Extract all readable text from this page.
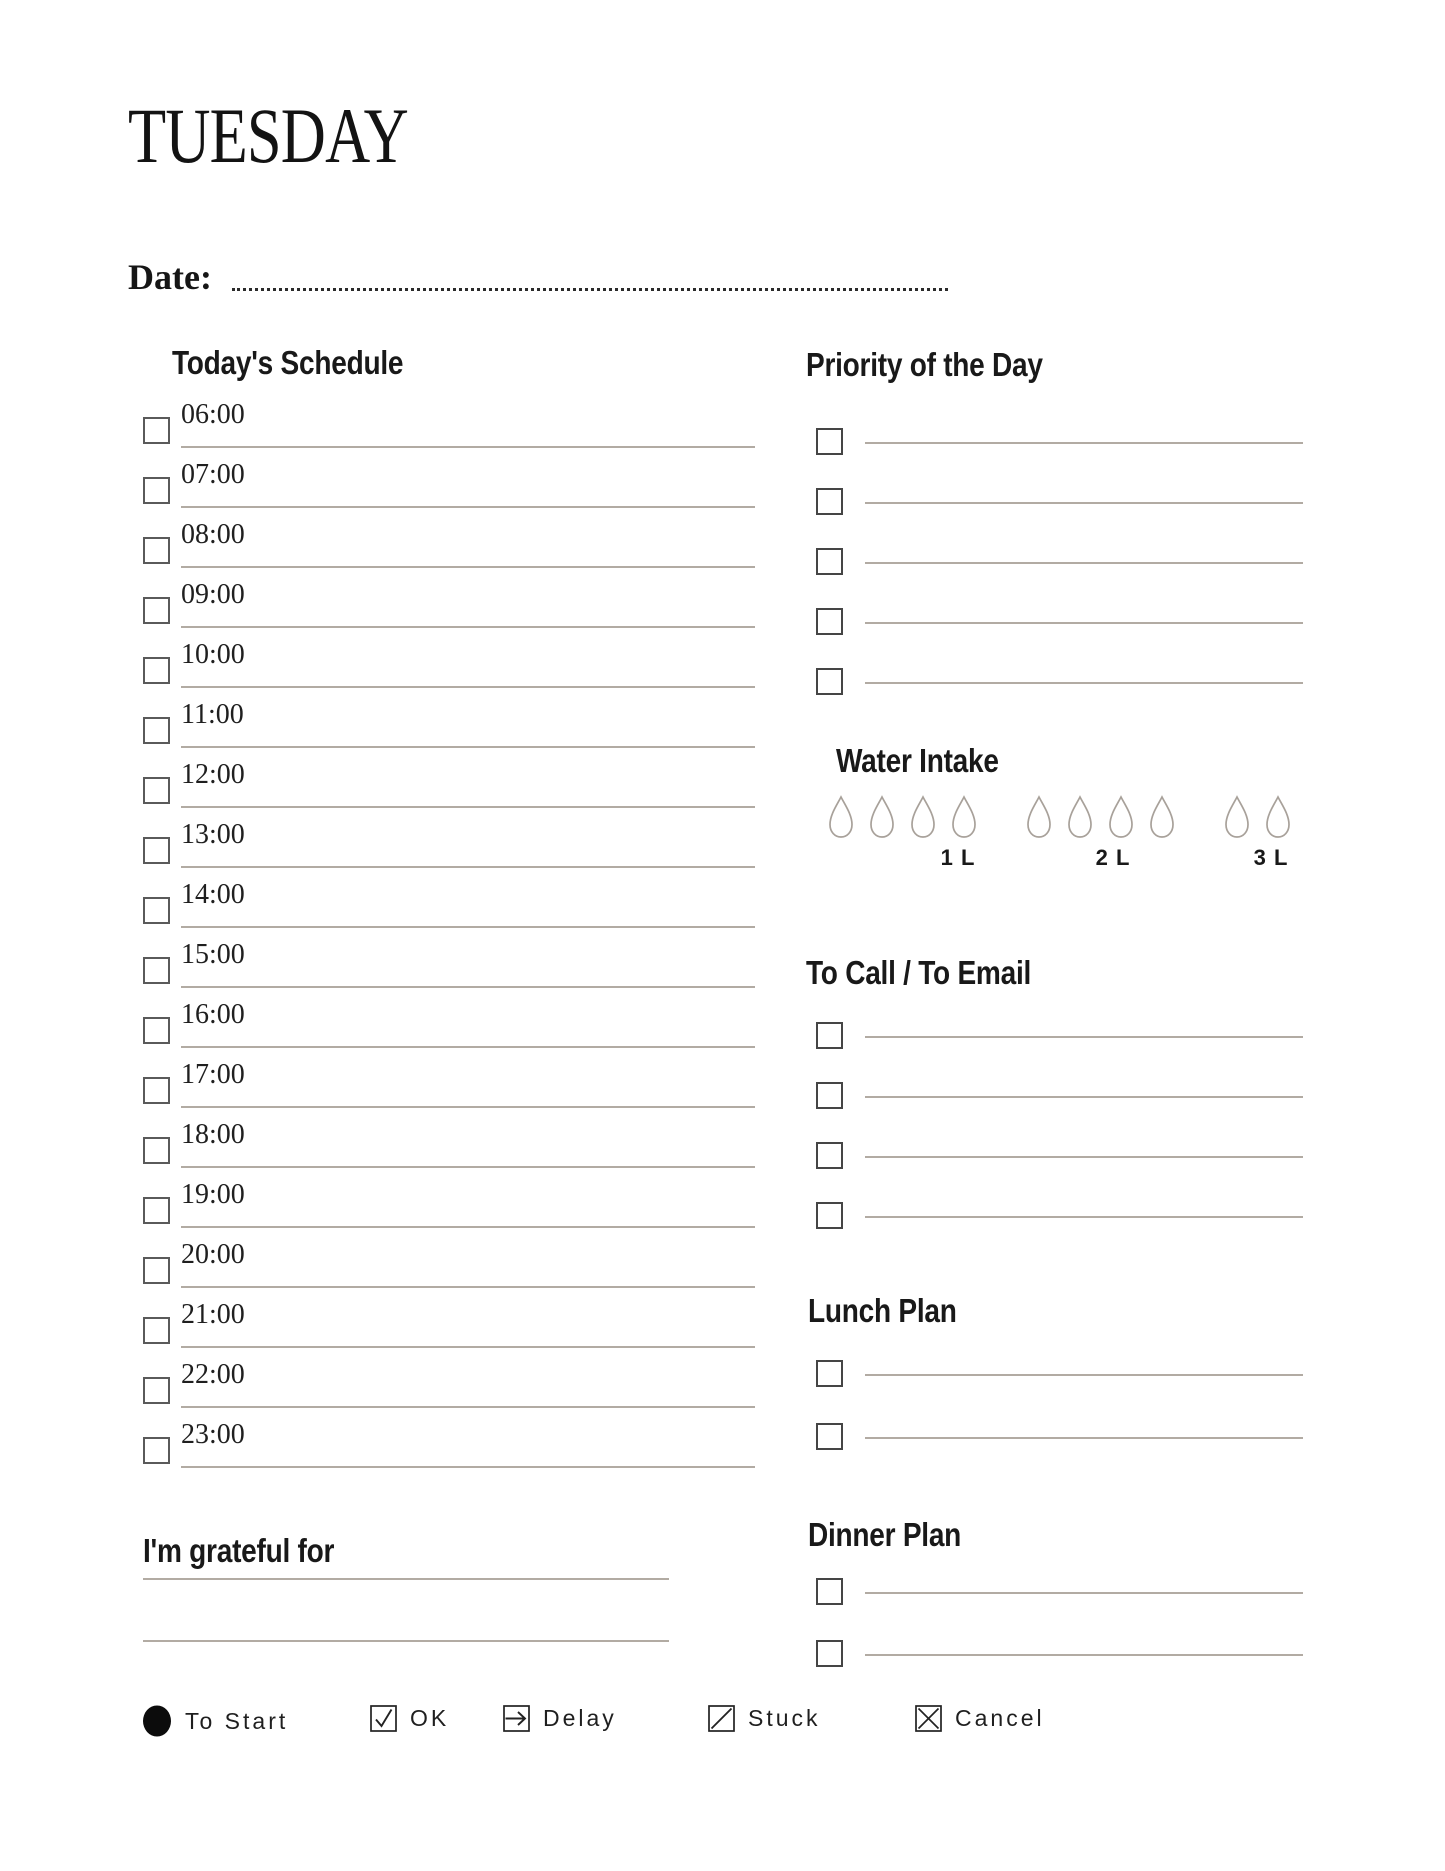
TUESDAY
Date:
Today's Schedule
06:00
07:00
08:00
09:00
10:00
11:00
12:00
13:00
14:00
15:00
16:00
17:00
18:00
19:00
20:00
21:00
22:00
23:00
I'm grateful for
Priority of the Day
Water Intake
1 L	2 L	3 L
To Call / To Email
Lunch Plan
Dinner Plan
To Start	OK	Delay	Stuck	Cancel
